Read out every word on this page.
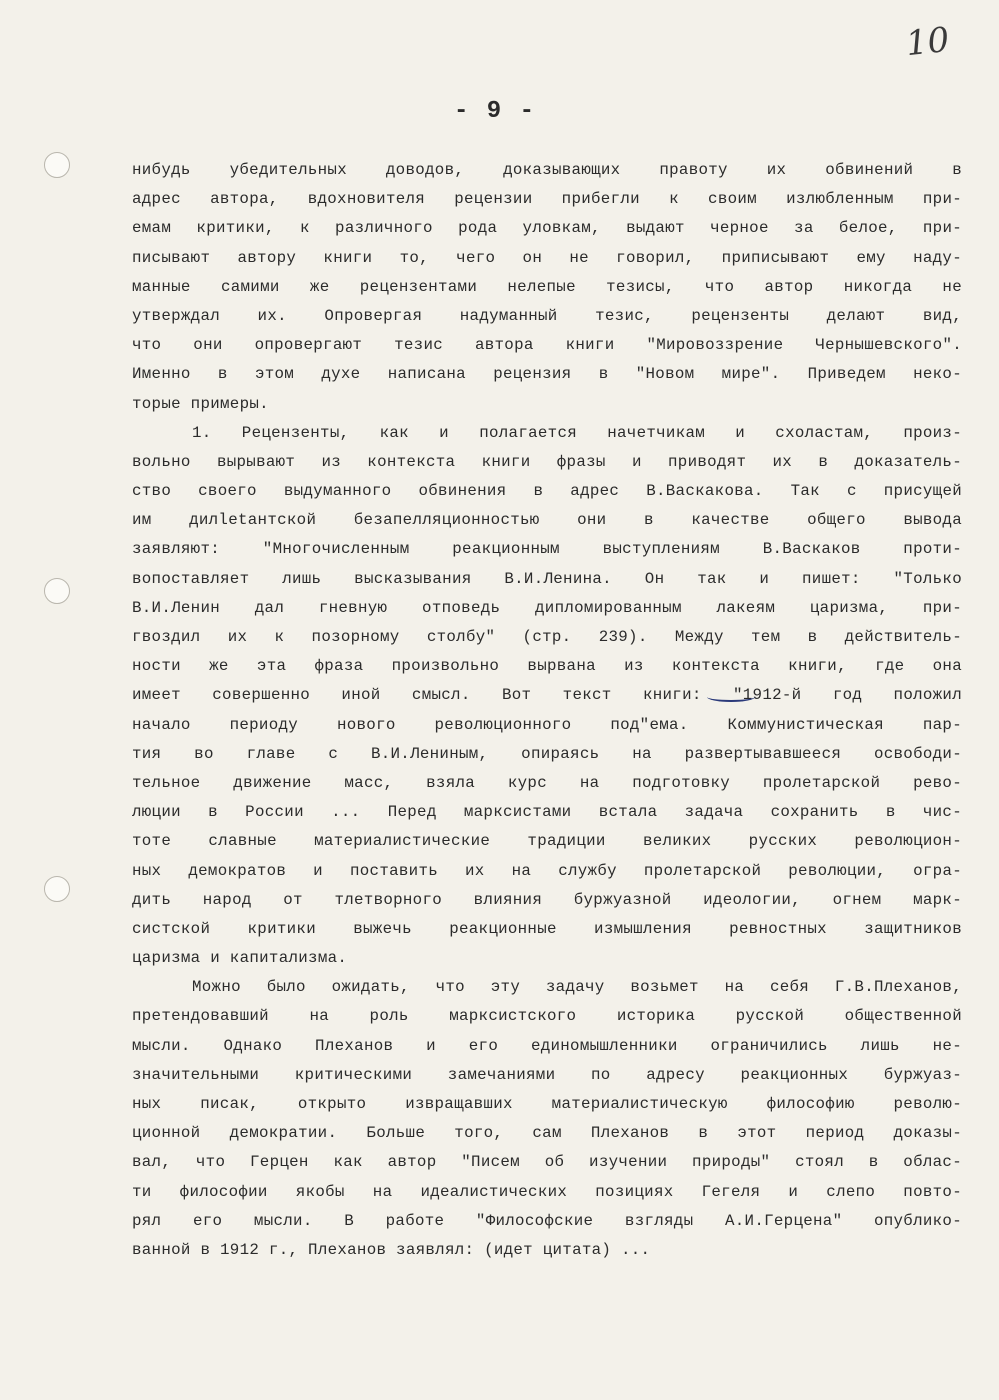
10
- 9 -
нибудь убедительных доводов, доказывающих правоту их обвинений в
адрес автора, вдохновителя рецензии прибегли к своим излюбленным при-
емам критики, к различного рода уловкам, выдают черное за белое, при-
писывают автору книги то, чего он не говорил, приписывают ему наду-
манные самими же рецензентами нелепые тезисы, что автор никогда не
утверждал их. Опровергая надуманный тезис, рецензенты делают вид,
что они опровергают тезис автора книги "Мировоззрение Чернышевского".
Именно в этом духе написана рецензия в "Новом мире". Приведем неко-
торые примеры.
1. Рецензенты, как и полагается начетчикам и схоластам, произ-
вольно вырывают из контекста книги фразы и приводят их в доказатель-
ство своего выдуманного обвинения в адрес В.Васкакова. Так с присущей
им дилletантской безапелляционностью они в качестве общего вывода
заявляют: "Многочисленным реакционным выступлениям В.Васкаков проти-
вопоставляет лишь высказывания В.И.Ленина. Он так и пишет: "Только
В.И.Ленин дал гневную отповедь дипломированным лакеям царизма, при-
гвоздил их к позорному столбу" (стр. 239). Между тем в действитель-
ности же эта фраза произвольно вырвана из контекста книги, где она
имеет совершенно иной смысл. Вот текст книги: "1912-й год положил
начало периоду нового революционного под"ема. Коммунистическая пар-
тия во главе с В.И.Лениным, опираясь на развертывавшееся освободи-
тельное движение масс, взяла курс на подготовку пролетарской рево-
люции в России ... Перед марксистами встала задача сохранить в чис-
тоте славные материалистические традиции великих русских революцион-
ных демократов и поставить их на службу пролетарской революции, огра-
дить народ от тлетворного влияния буржуазной идеологии, огнем марк-
систской критики выжечь реакционные измышления ревностных защитников
царизма и капитализма.
Можно было ожидать, что эту задачу возьмет на себя Г.В.Плеханов,
претендовавший на роль марксистского историка русской общественной
мысли. Однако Плеханов и его единомышленники ограничились лишь не-
значительными критическими замечаниями по адресу реакционных буржуаз-
ных писак, открыто извращавших материалистическую философию револю-
ционной демократии. Больше того, сам Плеханов в этот период доказы-
вал, что Герцен как автор "Писем об изучении природы" стоял в облас-
ти философии якобы на идеалистических позициях Гегеля и слепо повто-
рял его мысли. В работе "Философские взгляды А.И.Герцена" опублико-
ванной в 1912 г., Плеханов заявлял: (идет цитата) ...
